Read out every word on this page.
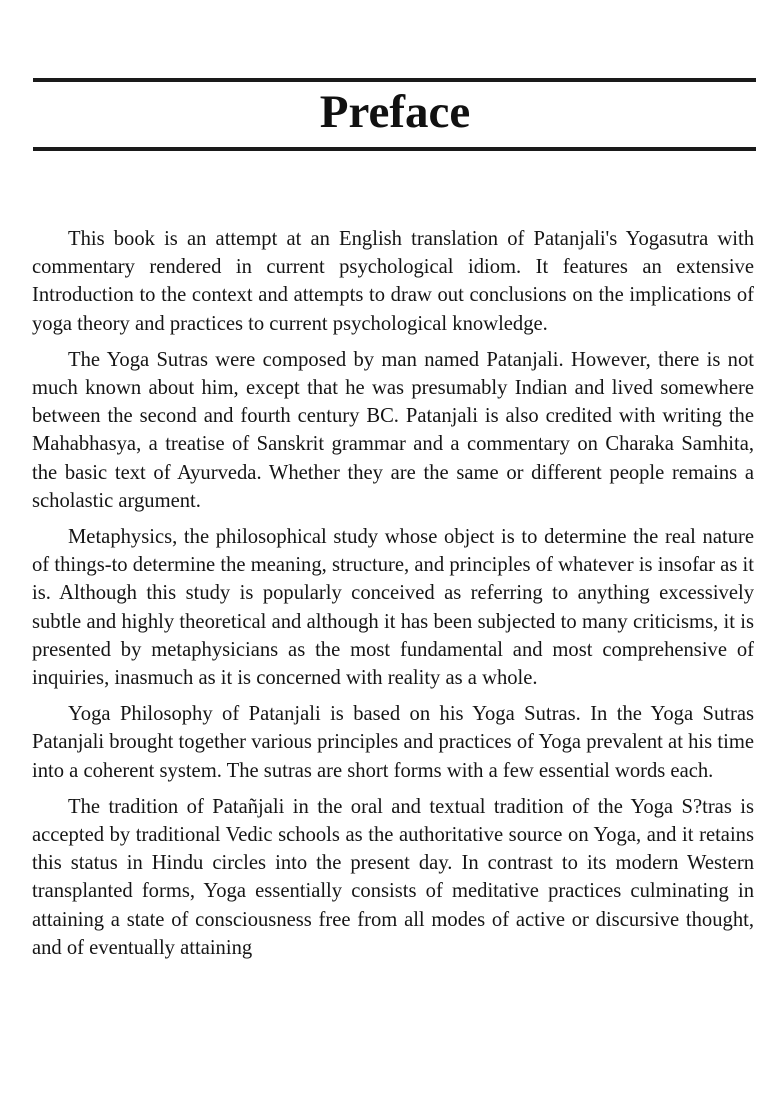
Preface

This book is an attempt at an English translation of Patanjali's Yogasutra with commentary rendered in current psychological idiom. It features an extensive Introduction to the context and attempts to draw out conclusions on the implications of yoga theory and practices to current psychological knowledge.

The Yoga Sutras were composed by man named Patanjali. However, there is not much known about him, except that he was presumably Indian and lived somewhere between the second and fourth century BC. Patanjali is also credited with writing the Mahabhasya, a treatise of Sanskrit grammar and a commentary on Charaka Samhita, the basic text of Ayurveda. Whether they are the same or different people remains a scholastic argument.

Metaphysics, the philosophical study whose object is to determine the real nature of things-to determine the meaning, structure, and principles of whatever is insofar as it is. Although this study is popularly conceived as referring to anything excessively subtle and highly theoretical and although it has been subjected to many criticisms, it is presented by metaphysicians as the most fundamental and most comprehensive of inquiries, inasmuch as it is concerned with reality as a whole.

Yoga Philosophy of Patanjali is based on his Yoga Sutras. In the Yoga Sutras Patanjali brought together various principles and practices of Yoga prevalent at his time into a coherent system. The sutras are short forms with a few essential words each.

The tradition of Patañjali in the oral and textual tradition of the Yoga S?tras is accepted by traditional Vedic schools as the authoritative source on Yoga, and it retains this status in Hindu circles into the present day. In contrast to its modern Western transplanted forms, Yoga essentially consists of meditative practices culminating in attaining a state of consciousness free from all modes of active or discursive thought, and of eventually attaining
